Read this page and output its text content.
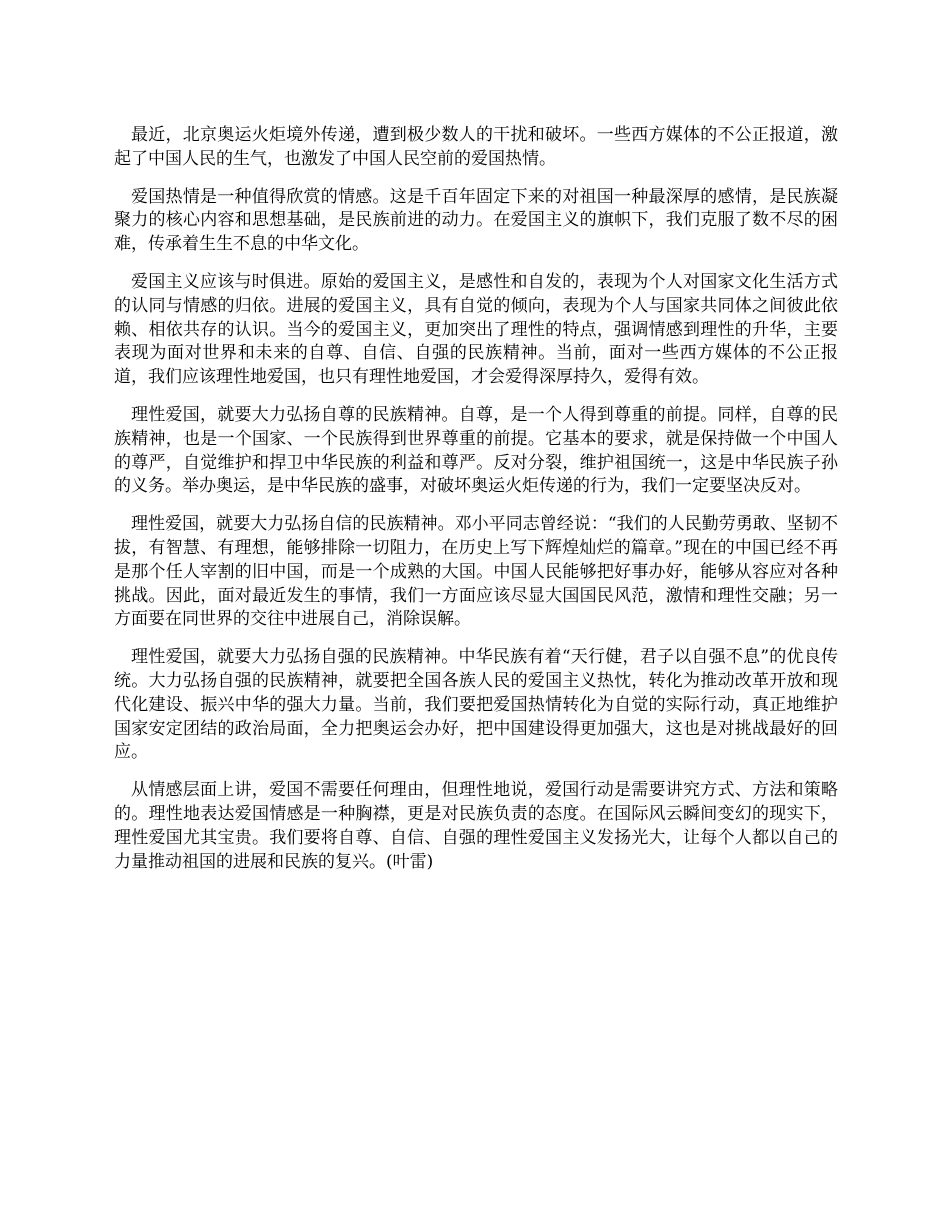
最近，北京奥运火炬境外传递，遭到极少数人的干扰和破坏。一些西方媒体的不公正报道，激起了中国人民的生气，也激发了中国人民空前的爱国热情。

爱国热情是一种值得欣赏的情感。这是千百年固定下来的对祖国一种最深厚的感情，是民族凝聚力的核心内容和思想基础，是民族前进的动力。在爱国主义的旗帜下，我们克服了数不尽的困难，传承着生生不息的中华文化。

爱国主义应该与时俱进。原始的爱国主义，是感性和自发的，表现为个人对国家文化生活方式的认同与情感的归依。进展的爱国主义，具有自觉的倾向，表现为个人与国家共同体之间彼此依赖、相依共存的认识。当今的爱国主义，更加突出了理性的特点，强调情感到理性的升华，主要表现为面对世界和未来的自尊、自信、自强的民族精神。当前，面对一些西方媒体的不公正报道，我们应该理性地爱国，也只有理性地爱国，才会爱得深厚持久，爱得有效。

理性爱国，就要大力弘扬自尊的民族精神。自尊，是一个人得到尊重的前提。同样，自尊的民族精神，也是一个国家、一个民族得到世界尊重的前提。它基本的要求，就是保持做一个中国人的尊严，自觉维护和捍卫中华民族的利益和尊严。反对分裂，维护祖国统一，这是中华民族子孙的义务。举办奥运，是中华民族的盛事，对破坏奥运火炬传递的行为，我们一定要坚决反对。

理性爱国，就要大力弘扬自信的民族精神。邓小平同志曾经说：“我们的人民勤劳勇敢、坚韧不拔，有智慧、有理想，能够排除一切阻力，在历史上写下辉煌灿烂的篇章。”现在的中国已经不再是那个任人宰割的旧中国，而是一个成熟的大国。中国人民能够把好事办好，能够从容应对各种挑战。因此，面对最近发生的事情，我们一方面应该尽显大国国民风范，激情和理性交融；另一方面要在同世界的交往中进展自己，消除误解。

理性爱国，就要大力弘扬自强的民族精神。中华民族有着“天行健，君子以自强不息”的优良传统。大力弘扬自强的民族精神，就要把全国各族人民的爱国主义热忱，转化为推动改革开放和现代化建设、振兴中华的强大力量。当前，我们要把爱国热情转化为自觉的实际行动，真正地维护国家安定团结的政治局面，全力把奥运会办好，把中国建设得更加强大，这也是对挑战最好的回应。

从情感层面上讲，爱国不需要任何理由，但理性地说，爱国行动是需要讲究方式、方法和策略的。理性地表达爱国情感是一种胸襟，更是对民族负责的态度。在国际风云瞬间变幻的现实下，理性爱国尤其宝贵。我们要将自尊、自信、自强的理性爱国主义发扬光大，让每个人都以自己的力量推动祖国的进展和民族的复兴。(叶雷)
